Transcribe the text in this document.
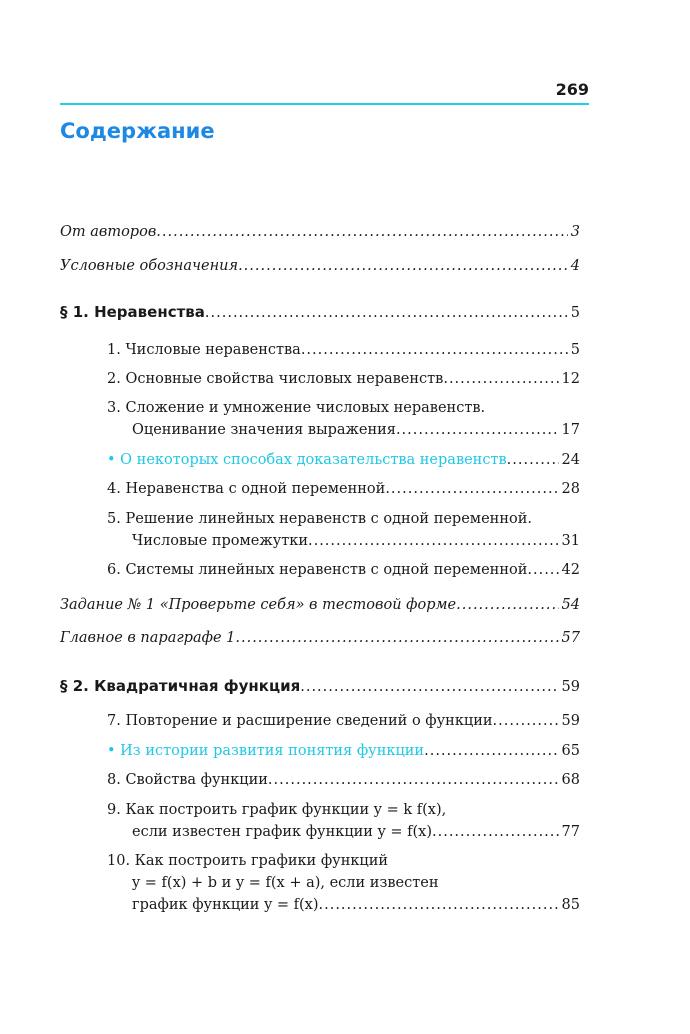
269
Содержание
От авторов .....	3
Условные обозначения .....	4
§ 1. Неравенства .....	5
1. Числовые неравенства .....	5
2. Основные свойства числовых неравенств .....	12
3. Сложение и умножение числовых неравенств.
Оценивание значения выражения .....	17
• О некоторых способах доказательства неравенств .....	24
4. Неравенства с одной переменной .....	28
5. Решение линейных неравенств с одной переменной.
Числовые промежутки .....	31
6. Системы линейных неравенств с одной переменной ..... 42
Задание № 1 «Проверьте себя» в тестовой форме .....	54
Главное в параграфе 1 .....	57
§ 2. Квадратичная функция .....	59
7. Повторение и расширение сведений о функции .....	59
• Из истории развития понятия функции .....	65
8. Свойства функции .....	68
9. Как построить график функции y = k f(x),
если известен график функции y = f(x) .....	77
10. Как построить графики функций
y = f(x) + b и y = f(x + a), если известен
график функции y = f(x) .....	85
